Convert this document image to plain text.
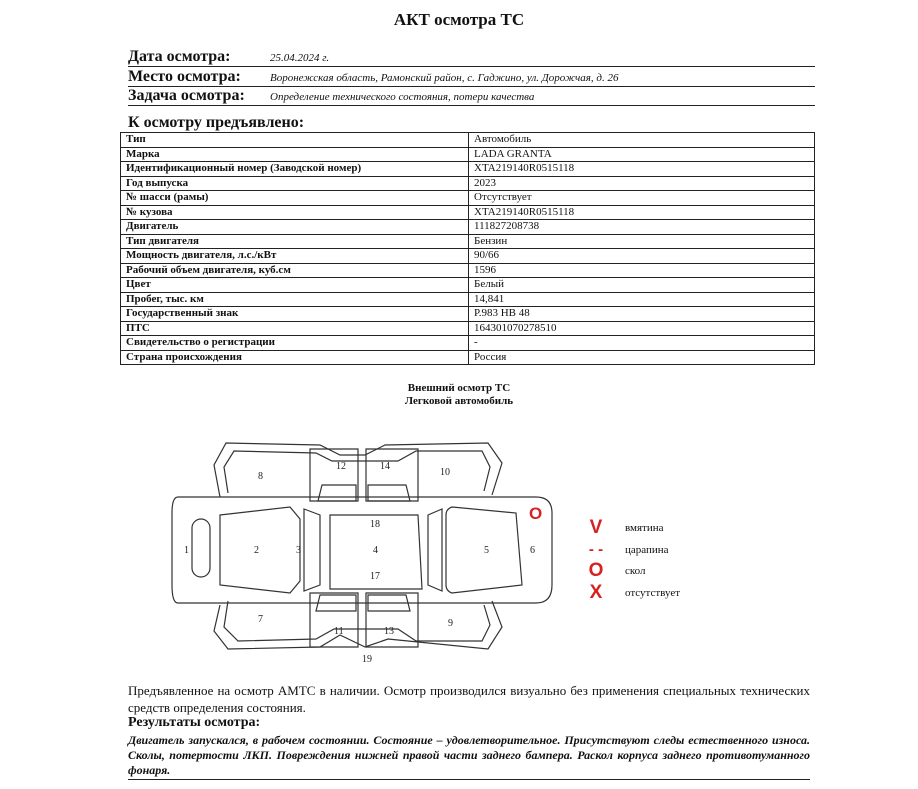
АКТ осмотра ТС
Дата осмотра:	25.04.2024 г.
Место осмотра:	Воронежская область, Рамонский район, с. Гаджино, ул. Дорожчая, д. 26
Задача осмотра: Определение технического состояния, потери качества
К осмотру предъявлено:
Тип	Автомобиль
Марка	LADA GRANTA
Идентификационный номер (Заводской номер)	XTA219140R0515118
Год выпуска	2023
№ шасси (рамы)	Отсутствует
№ кузова	XTA219140R0515118
Двигатель	111827208738
Тип двигателя	Бензин
Мощность двигателя, л.с./кВт	90/66
Рабочий объем двигателя, куб.см	1596
Цвет	Белый
Пробег, тыс. км	14,841
Государственный знак	Р.983 НВ 48
ПТС	164301070278510
Свидетельство о регистрации	-
Страна происхождения	Россия
Внешний осмотр ТС
Легковой автомобиль
1	2	3	4	5	6
7
8
9
10
11
12
13
14
17
18
19
O
V	вмятина
- -	царапина
O	скол
X	отсутствует
Предъявленное на осмотр АМТС в наличии. Осмотр производился визуально без применения специальных технических средств определения состояния.
Результаты осмотра:
Двигатель запускался, в рабочем состоянии. Состояние – удовлетворительное. Присутствуют следы естественного износа. Сколы, потертости ЛКП. Повреждения нижней правой части заднего бампера. Раскол корпуса заднего противотуманного фонаря.
